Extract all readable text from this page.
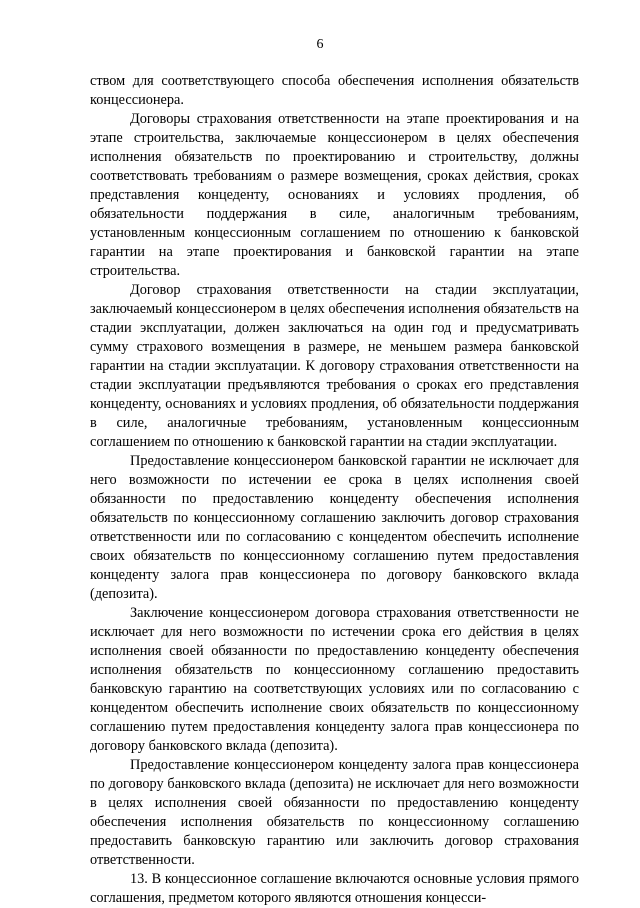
6

ством для соответствующего способа обеспечения исполнения обязательств концессионера.

Договоры страхования ответственности на этапе проектирования и на этапе строительства, заключаемые концессионером в целях обеспечения исполнения обязательств по проектированию и строительству, должны соответствовать требованиям о размере возмещения, сроках действия, сроках представления концеденту, основаниях и условиях продления, об обязательности поддержания в силе, аналогичным требованиям, установленным концессионным соглашением по отношению к банковской гарантии на этапе проектирования и банковской гарантии на этапе строительства.

Договор страхования ответственности на стадии эксплуатации, заключаемый концессионером в целях обеспечения исполнения обязательств на стадии эксплуатации, должен заключаться на один год и предусматривать сумму страхового возмещения в размере, не меньшем размера банковской гарантии на стадии эксплуатации. К договору страхования ответственности на стадии эксплуатации предъявляются требования о сроках его представления концеденту, основаниях и условиях продления, об обязательности поддержания в силе, аналогичные требованиям, установленным концессионным соглашением по отношению к банковской гарантии на стадии эксплуатации.

Предоставление концессионером банковской гарантии не исключает для него возможности по истечении ее срока в целях исполнения своей обязанности по предоставлению концеденту обеспечения исполнения обязательств по концессионному соглашению заключить договор страхования ответственности или по согласованию с концедентом обеспечить исполнение своих обязательств по концессионному соглашению путем предоставления концеденту залога прав концессионера по договору банковского вклада (депозита).

Заключение концессионером договора страхования ответственности не исключает для него возможности по истечении срока его действия в целях исполнения своей обязанности по предоставлению концеденту обеспечения исполнения обязательств по концессионному соглашению предоставить банковскую гарантию на соответствующих условиях или по согласованию с концедентом обеспечить исполнение своих обязательств по концессионному соглашению путем предоставления концеденту залога прав концессионера по договору банковского вклада (депозита).

Предоставление концессионером концеденту залога прав концессионера по договору банковского вклада (депозита) не исключает для него возможности в целях исполнения своей обязанности по предоставлению концеденту обеспечения исполнения обязательств по концессионному соглашению предоставить банковскую гарантию или заключить договор страхования ответственности.

13. В концессионное соглашение включаются основные условия прямого соглашения, предметом которого являются отношения концесси-
